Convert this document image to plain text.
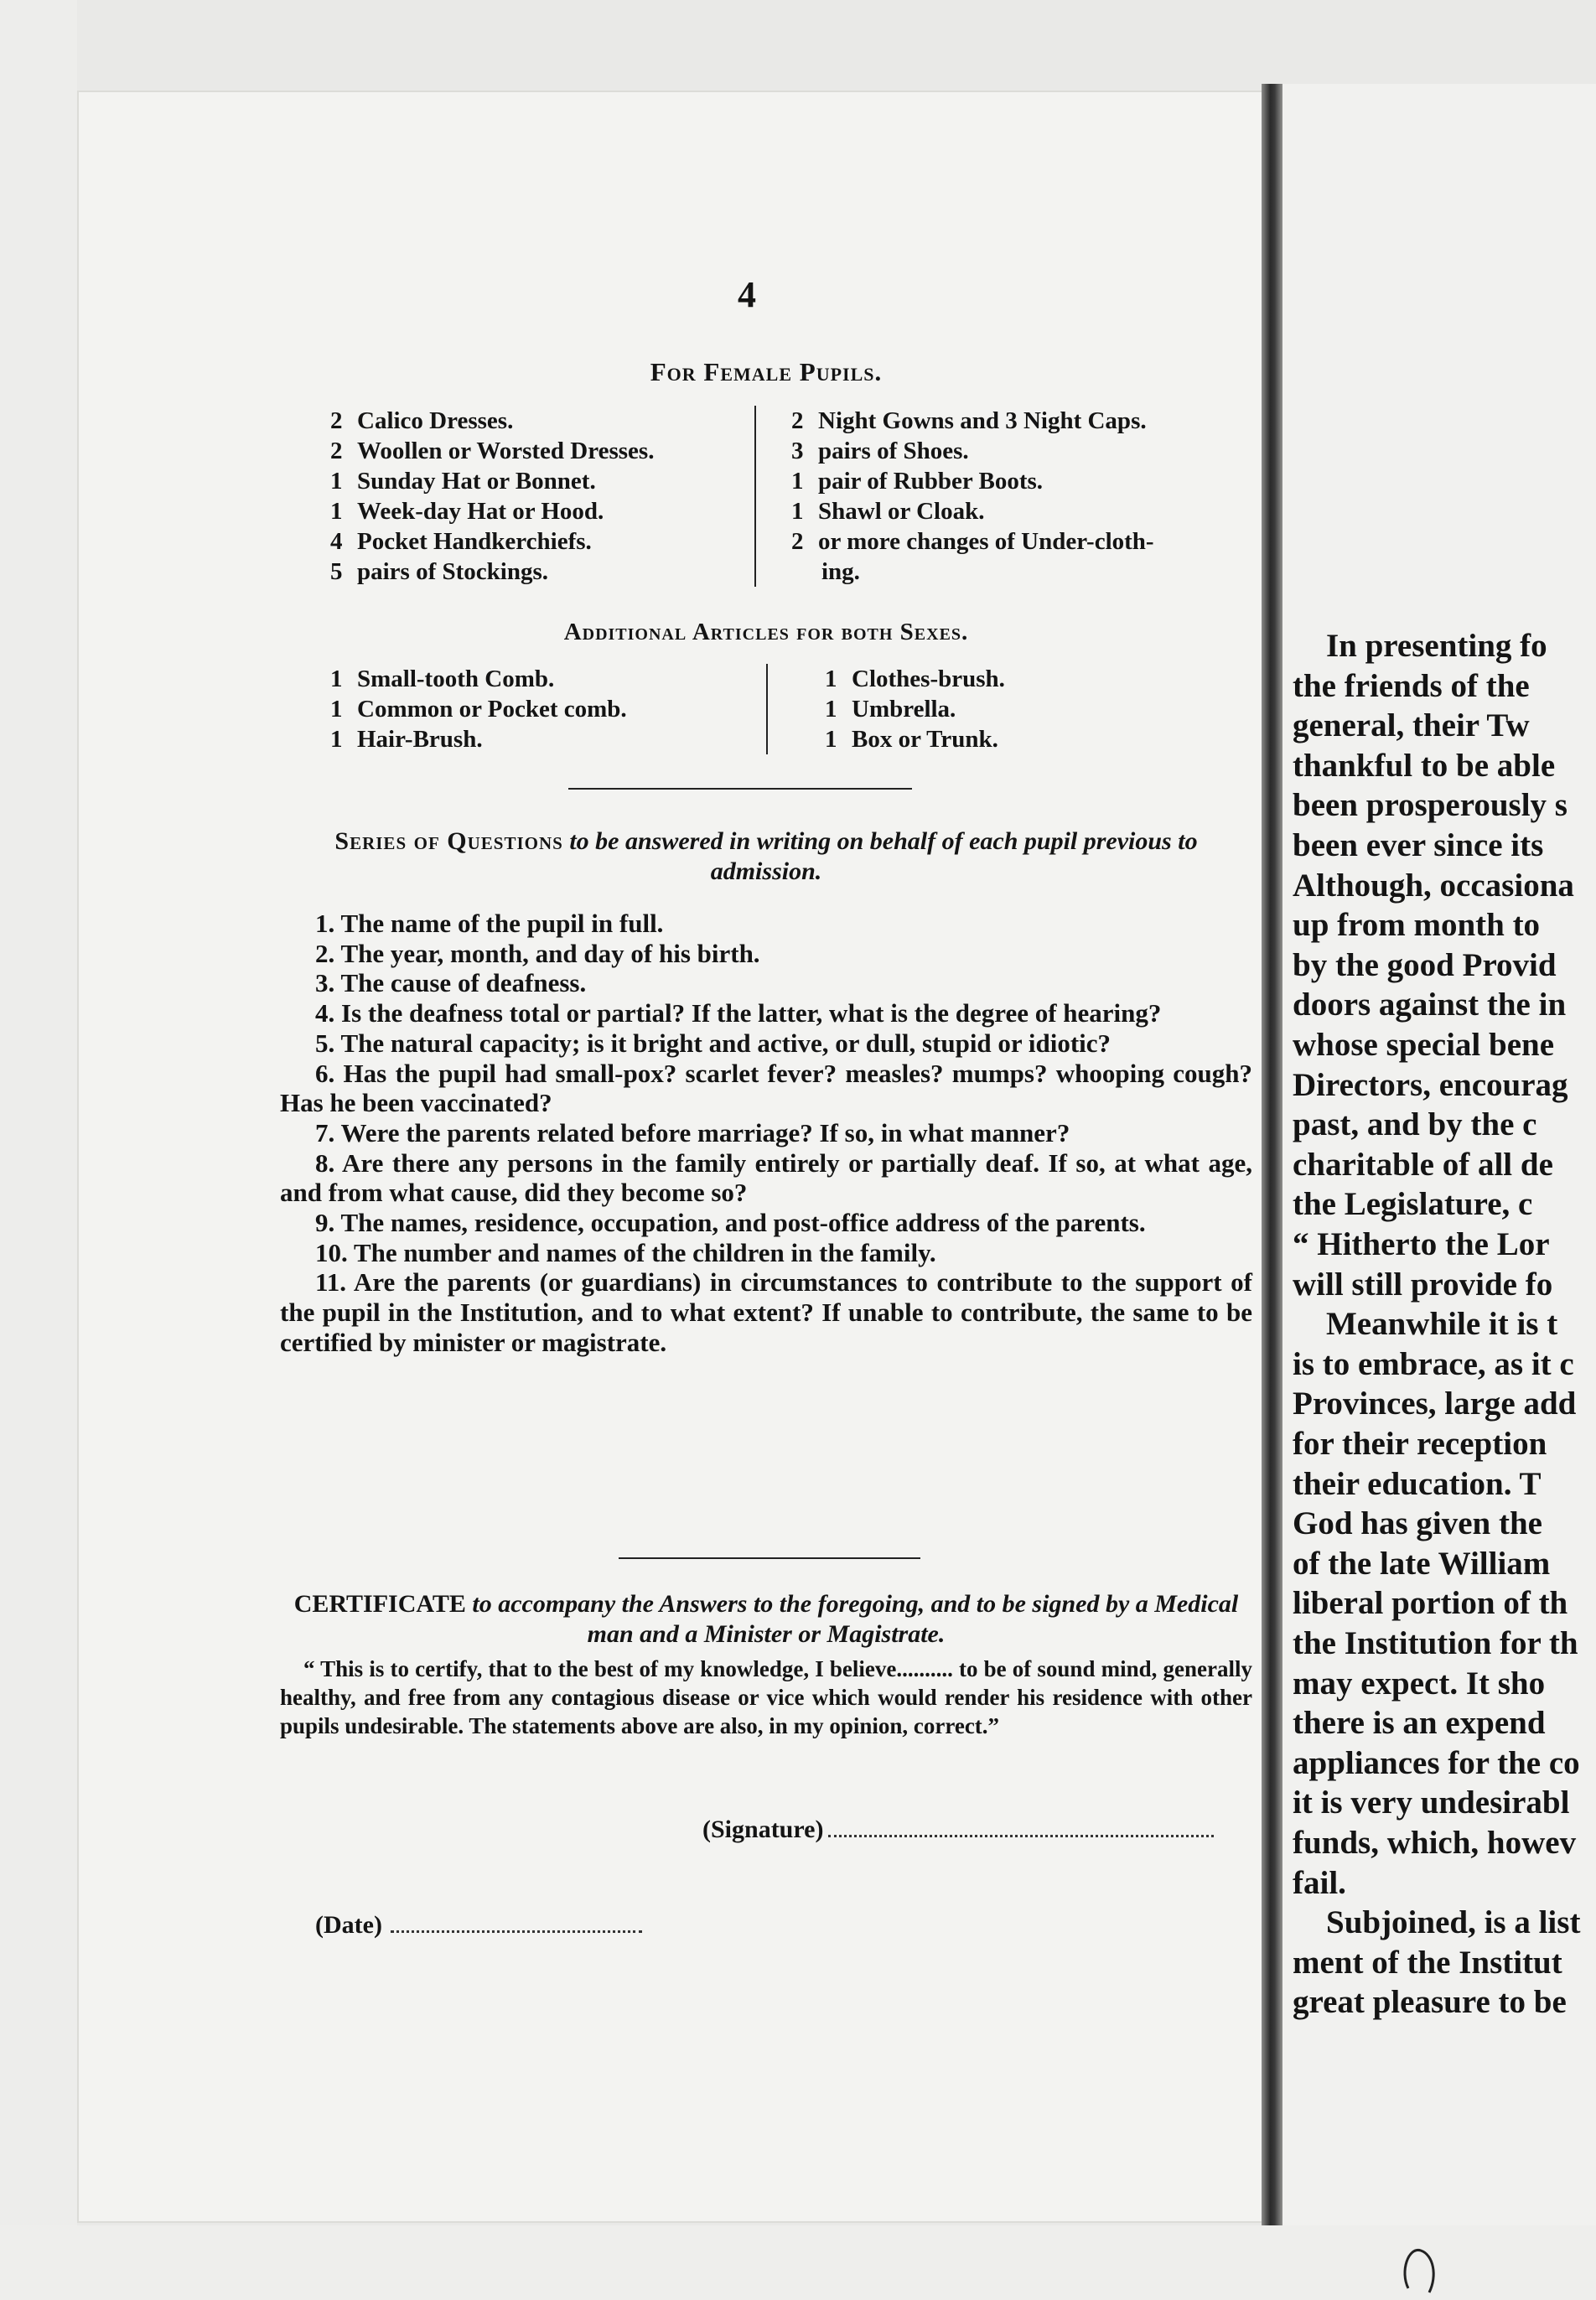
4
For Female Pupils.
2 Calico Dresses.
2 Woollen or Worsted Dresses.
1 Sunday Hat or Bonnet.
1 Week-day Hat or Hood.
4 Pocket Handkerchiefs.
5 pairs of Stockings.
2 Night Gowns and 3 Night Caps.
3 pairs of Shoes.
1 pair of Rubber Boots.
1 Shawl or Cloak.
2 or more changes of Under-cloth-
ing.
Additional Articles for both Sexes.
1 Small-tooth Comb.
1 Common or Pocket comb.
1 Hair-Brush.
1 Clothes-brush.
1 Umbrella.
1 Box or Trunk.
Series of Questions to be answered in writing on behalf of each pupil previous to admission.

1. The name of the pupil in full.

2. The year, month, and day of his birth.

3. The cause of deafness.

4. Is the deafness total or partial? If the latter, what is the degree of hearing?

5. The natural capacity; is it bright and active, or dull, stupid or idiotic?

6. Has the pupil had small-pox? scarlet fever? measles? mumps? whooping cough? Has he been vaccinated?

7. Were the parents related before marriage? If so, in what manner?

8. Are there any persons in the family entirely or partially deaf. If so, at what age, and from what cause, did they become so?

9. The names, residence, occupation, and post-office address of the parents.

10. The number and names of the children in the family.

11. Are the parents (or guardians) in circumstances to contribute to the support of the pupil in the Institution, and to what extent? If unable to contribute, the same to be certified by minister or magistrate.

CERTIFICATE to accompany the Answers to the foregoing, and to be signed by a Medical man and a Minister or Magistrate.

“ This is to certify, that to the best of my knowledge, I believe.......... to be of sound mind, generally healthy, and free from any contagious disease or vice which would render his residence with other pupils undesirable. The statements above are also, in my opinion, correct.”

(Signature)
(Date)
In presenting fo
the friends of the
general, their Tw
thankful to be able
been prosperously s
been ever since its
Although, occasiona
up from month to
by the good Provid
doors against the in
whose special bene
Directors, encourag
past, and by the c
charitable of all de
the Legislature, c
“ Hitherto the Lor
will still provide fo
Meanwhile it is t
is to embrace, as it c
Provinces, large add
for their reception
their education. T
God has given the
of the late William
liberal portion of th
the Institution for th
may expect. It sho
there is an expend
appliances for the co
it is very undesirabl
funds, which, howev
fail.
Subjoined, is a list
ment of the Institut
great pleasure to be
